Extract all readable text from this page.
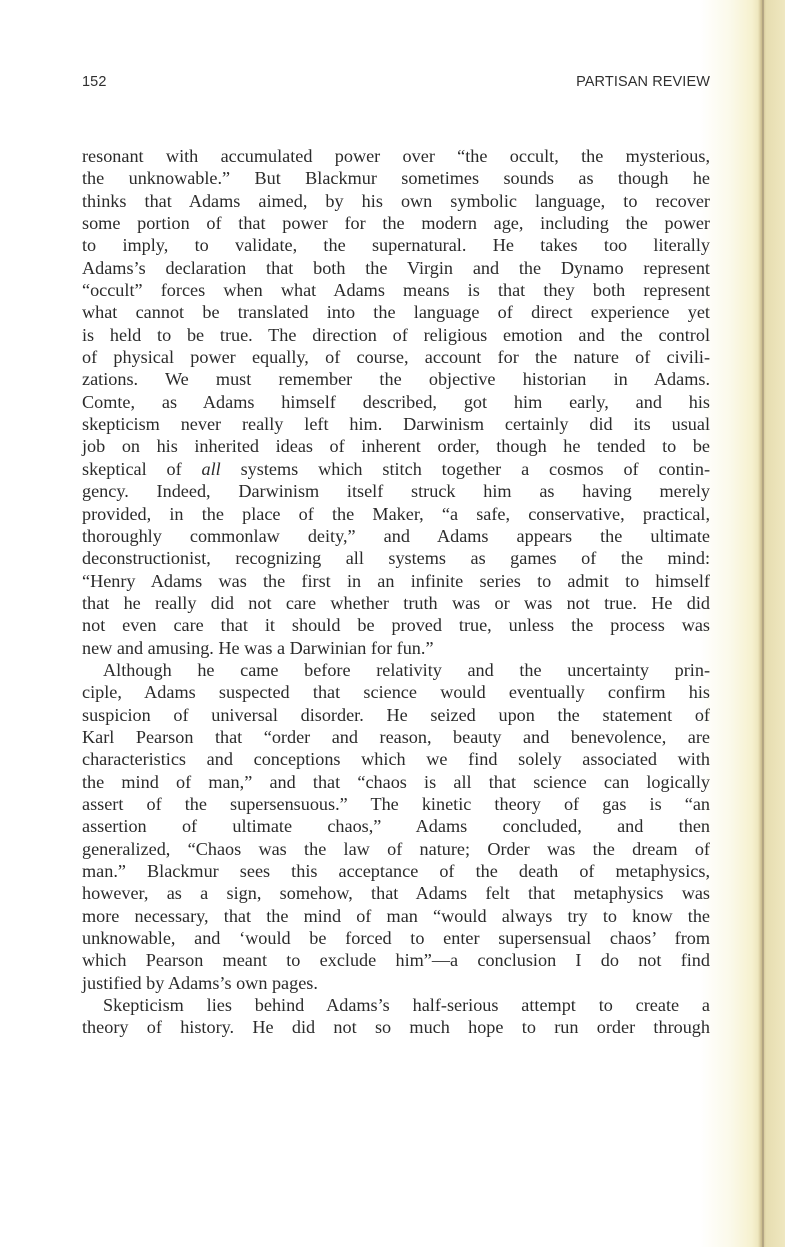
152	PARTISAN REVIEW
resonant with accumulated power over “the occult, the mysterious,
the unknowable.” But Blackmur sometimes sounds as though he
thinks that Adams aimed, by his own symbolic language, to recover
some portion of that power for the modern age, including the power
to imply, to validate, the supernatural. He takes too literally
Adams’s declaration that both the Virgin and the Dynamo represent
“occult” forces when what Adams means is that they both represent
what cannot be translated into the language of direct experience yet
is held to be true. The direction of religious emotion and the control
of physical power equally, of course, account for the nature of civili-
zations. We must remember the objective historian in Adams.
Comte, as Adams himself described, got him early, and his
skepticism never really left him. Darwinism certainly did its usual
job on his inherited ideas of inherent order, though he tended to be
skeptical of all systems which stitch together a cosmos of contin-
gency. Indeed, Darwinism itself struck him as having merely
provided, in the place of the Maker, “a safe, conservative, practical,
thoroughly commonlaw deity,” and Adams appears the ultimate
deconstructionist, recognizing all systems as games of the mind:
“Henry Adams was the first in an infinite series to admit to himself
that he really did not care whether truth was or was not true. He did
not even care that it should be proved true, unless the process was
new and amusing. He was a Darwinian for fun.”
Although he came before relativity and the uncertainty prin-
ciple, Adams suspected that science would eventually confirm his
suspicion of universal disorder. He seized upon the statement of
Karl Pearson that “order and reason, beauty and benevolence, are
characteristics and conceptions which we find solely associated with
the mind of man,” and that “chaos is all that science can logically
assert of the supersensuous.” The kinetic theory of gas is “an
assertion of ultimate chaos,” Adams concluded, and then
generalized, “Chaos was the law of nature; Order was the dream of
man.” Blackmur sees this acceptance of the death of metaphysics,
however, as a sign, somehow, that Adams felt that metaphysics was
more necessary, that the mind of man “would always try to know the
unknowable, and ‘would be forced to enter supersensual chaos’ from
which Pearson meant to exclude him”—a conclusion I do not find
justified by Adams’s own pages.
Skepticism lies behind Adams’s half-serious attempt to create a
theory of history. He did not so much hope to run order through
